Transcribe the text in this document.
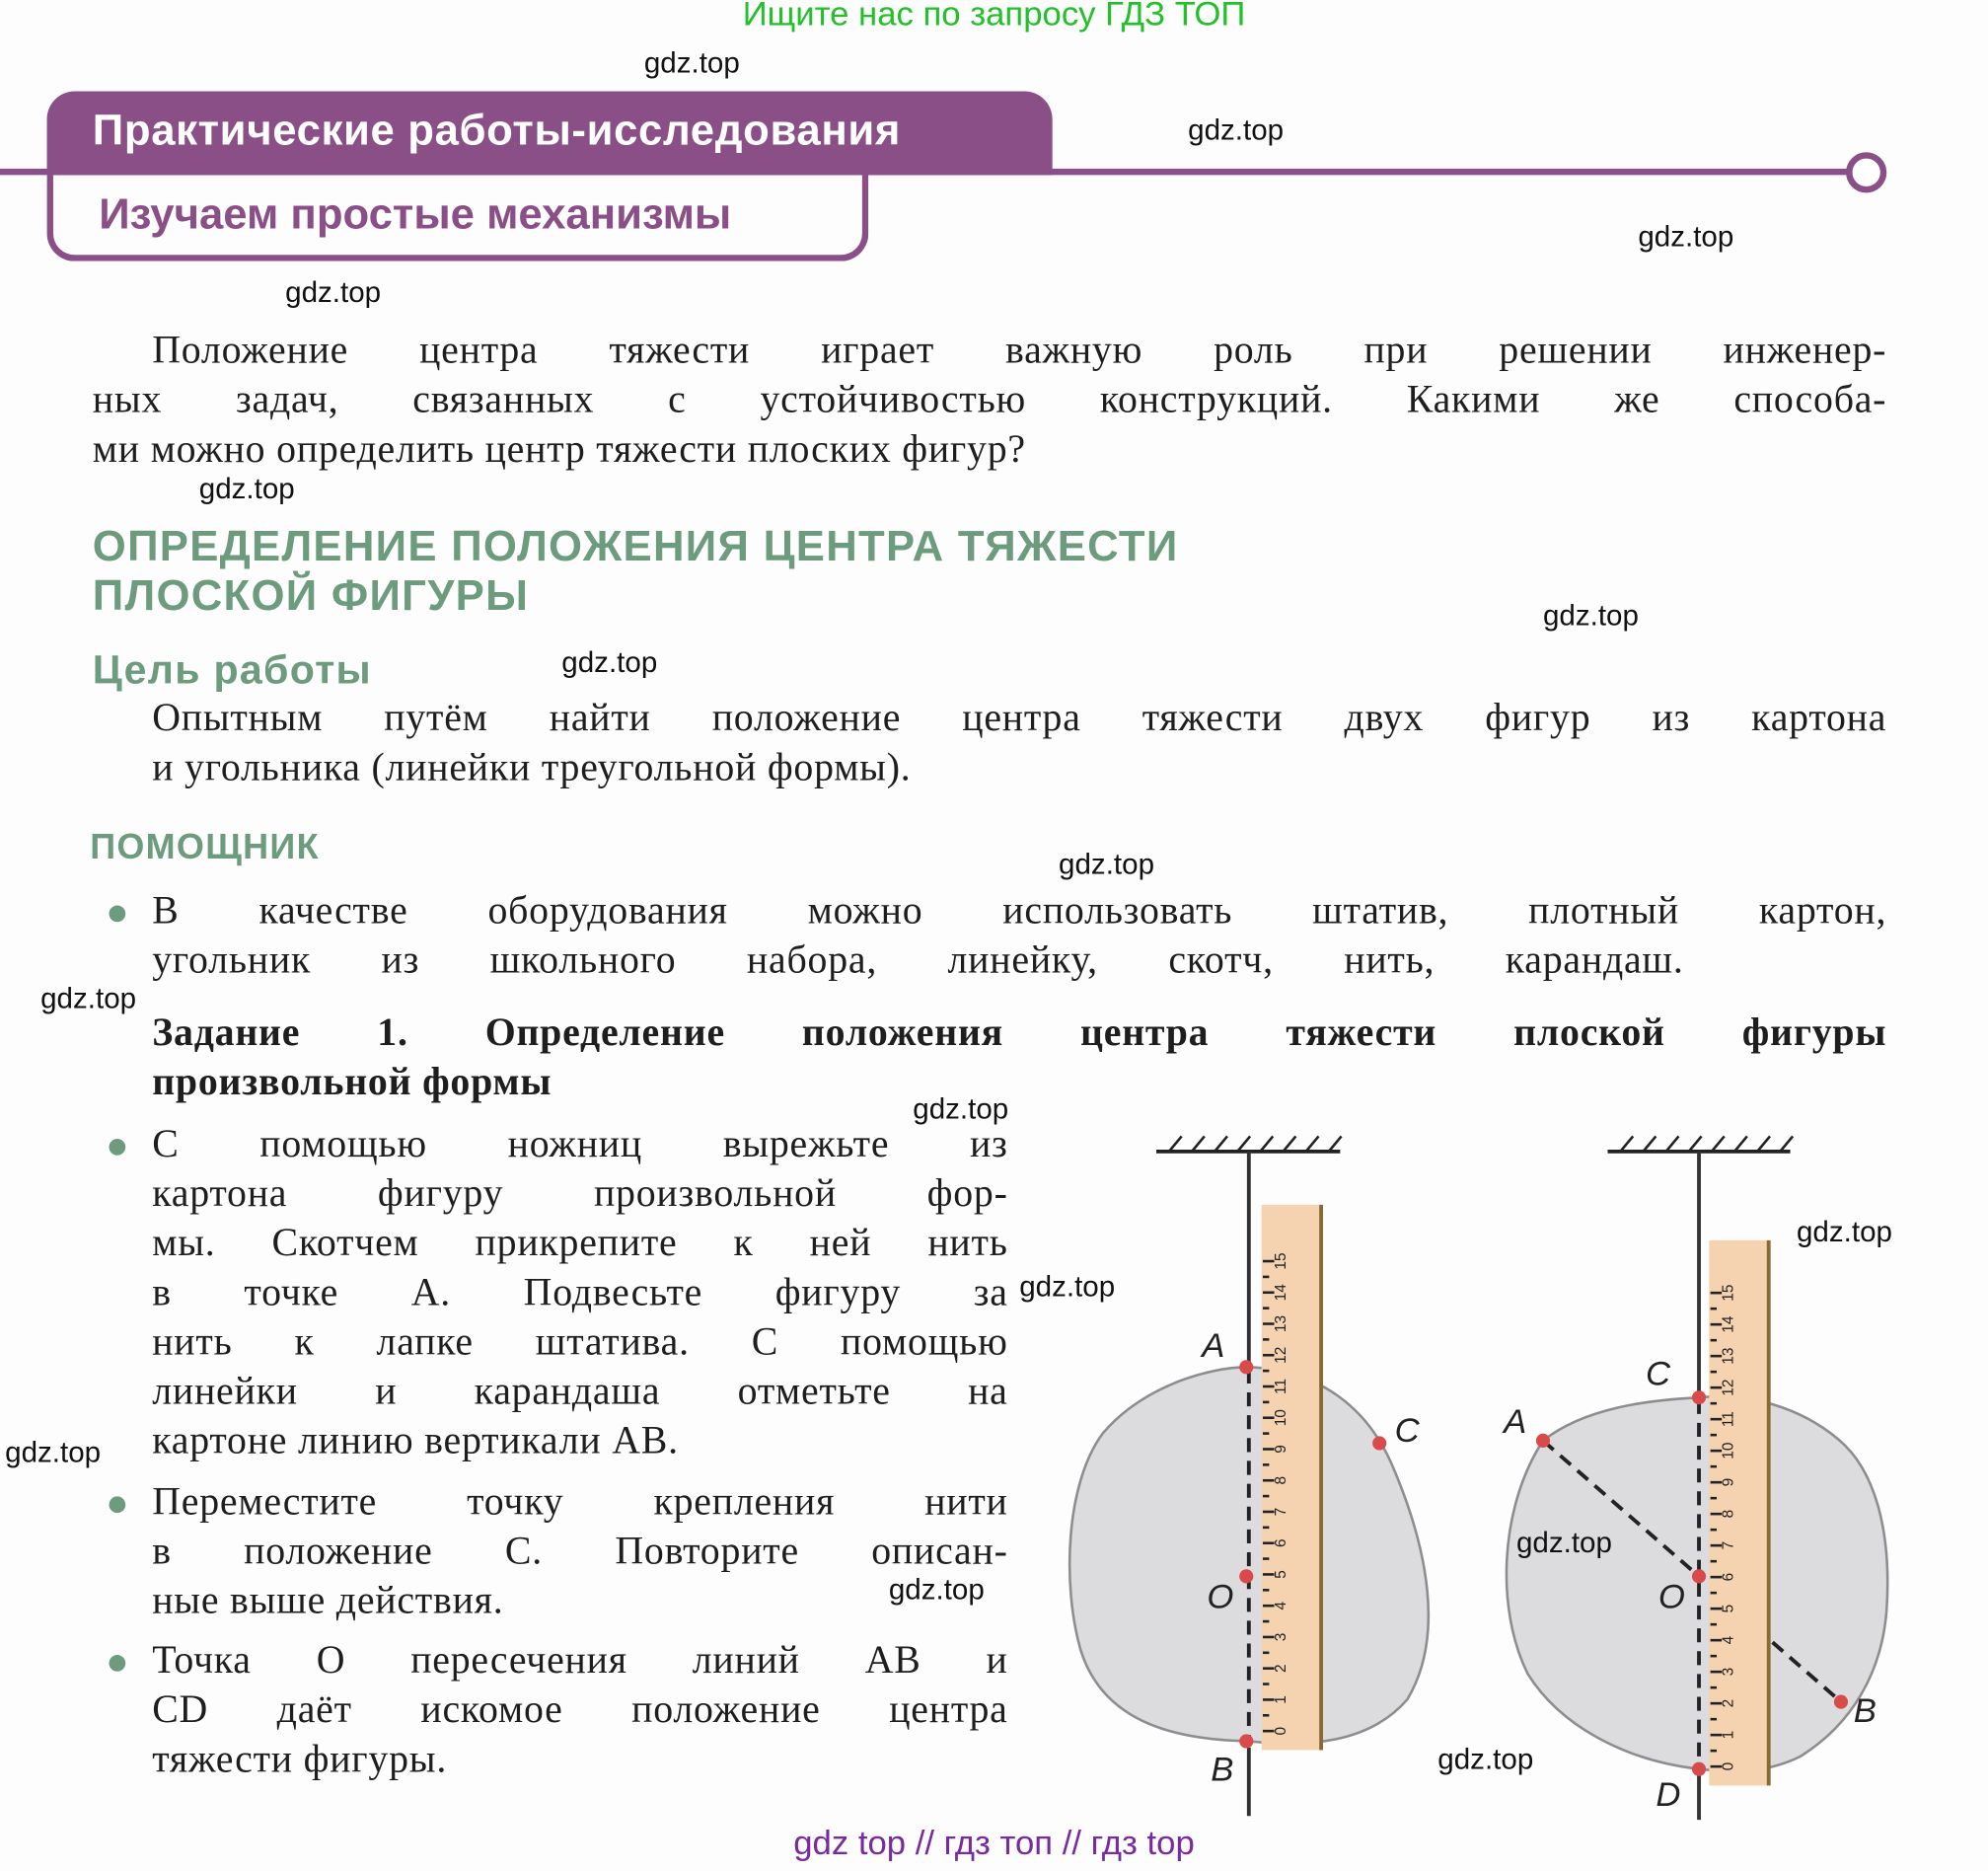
Ищите нас по запросу ГДЗ ТОП
Практические работы-исследования
Изучаем простые механизмы
Положение центра тяжести играет важную роль при решении инженер-
ных задач, связанных с устойчивостью конструкций. Какими же способа-
ми можно определить центр тяжести плоских фигур?
ОПРЕДЕЛЕНИЕ ПОЛОЖЕНИЯ ЦЕНТРА ТЯЖЕСТИ
ПЛОСКОЙ ФИГУРЫ
Цель работы
Опытным путём найти положение центра тяжести двух фигур из картона
и угольника (линейки треугольной формы).
ПОМОЩНИК
В качестве оборудования можно использовать штатив, плотный картон,
угольник из школьного набора, линейку, скотч, нить, карандаш.
Задание 1. Определение положения центра тяжести плоской фигуры
произвольной формы
С помощью ножниц вырежьте из
картона фигуру произвольной фор-
мы. Скотчем прикрепите к ней нить
в точке A. Подвесьте фигуру за
нить к лапке штатива. С помощью
линейки и карандаша отметьте на
картоне линию вертикали AB.
Переместите точку крепления нити
в положение C. Повторите описан-
ные выше действия.
Точка O пересечения линий AB и
CD даёт искомое положение центра
тяжести фигуры.
0
1
2
3
4
5
6
7
8
9
10
11
12
13
14
15
A
C
O
B	0
1
2
3
4
5
6
7
8
9
10
11
12
13
14
15
C
A
O
B
D
gdz.top
gdz.top
gdz.top
gdz.top
gdz.top
gdz.top
gdz.top
gdz.top
gdz.top
gdz.top
gdz.top
gdz.top
gdz.top
gdz.top
gdz.top
gdz.top
gdz top // гдз топ // гдз top
